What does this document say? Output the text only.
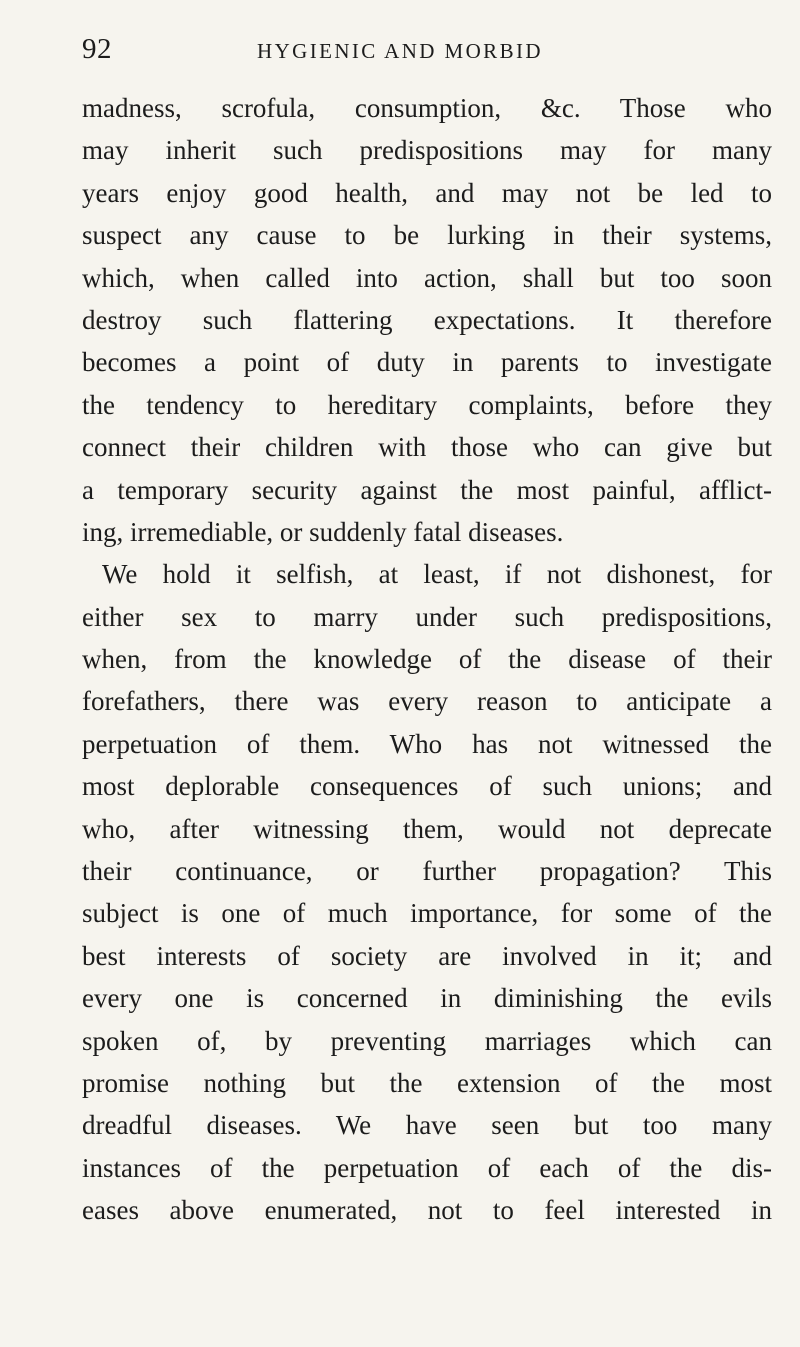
92	HYGIENIC AND MORBID
madness, scrofula, consumption, &c. Those who
may inherit such predispositions may for many
years enjoy good health, and may not be led to
suspect any cause to be lurking in their systems,
which, when called into action, shall but too soon
destroy such flattering expectations. It therefore
becomes a point of duty in parents to investigate
the tendency to hereditary complaints, before they
connect their children with those who can give but
a temporary security against the most painful, afflict-
ing, irremediable, or suddenly fatal diseases.
We hold it selfish, at least, if not dishonest, for
either sex to marry under such predispositions,
when, from the knowledge of the disease of their
forefathers, there was every reason to anticipate a
perpetuation of them. Who has not witnessed the
most deplorable consequences of such unions; and
who, after witnessing them, would not deprecate
their continuance, or further propagation? This
subject is one of much importance, for some of the
best interests of society are involved in it; and
every one is concerned in diminishing the evils
spoken of, by preventing marriages which can
promise nothing but the extension of the most
dreadful diseases. We have seen but too many
instances of the perpetuation of each of the dis-
eases above enumerated, not to feel interested in
